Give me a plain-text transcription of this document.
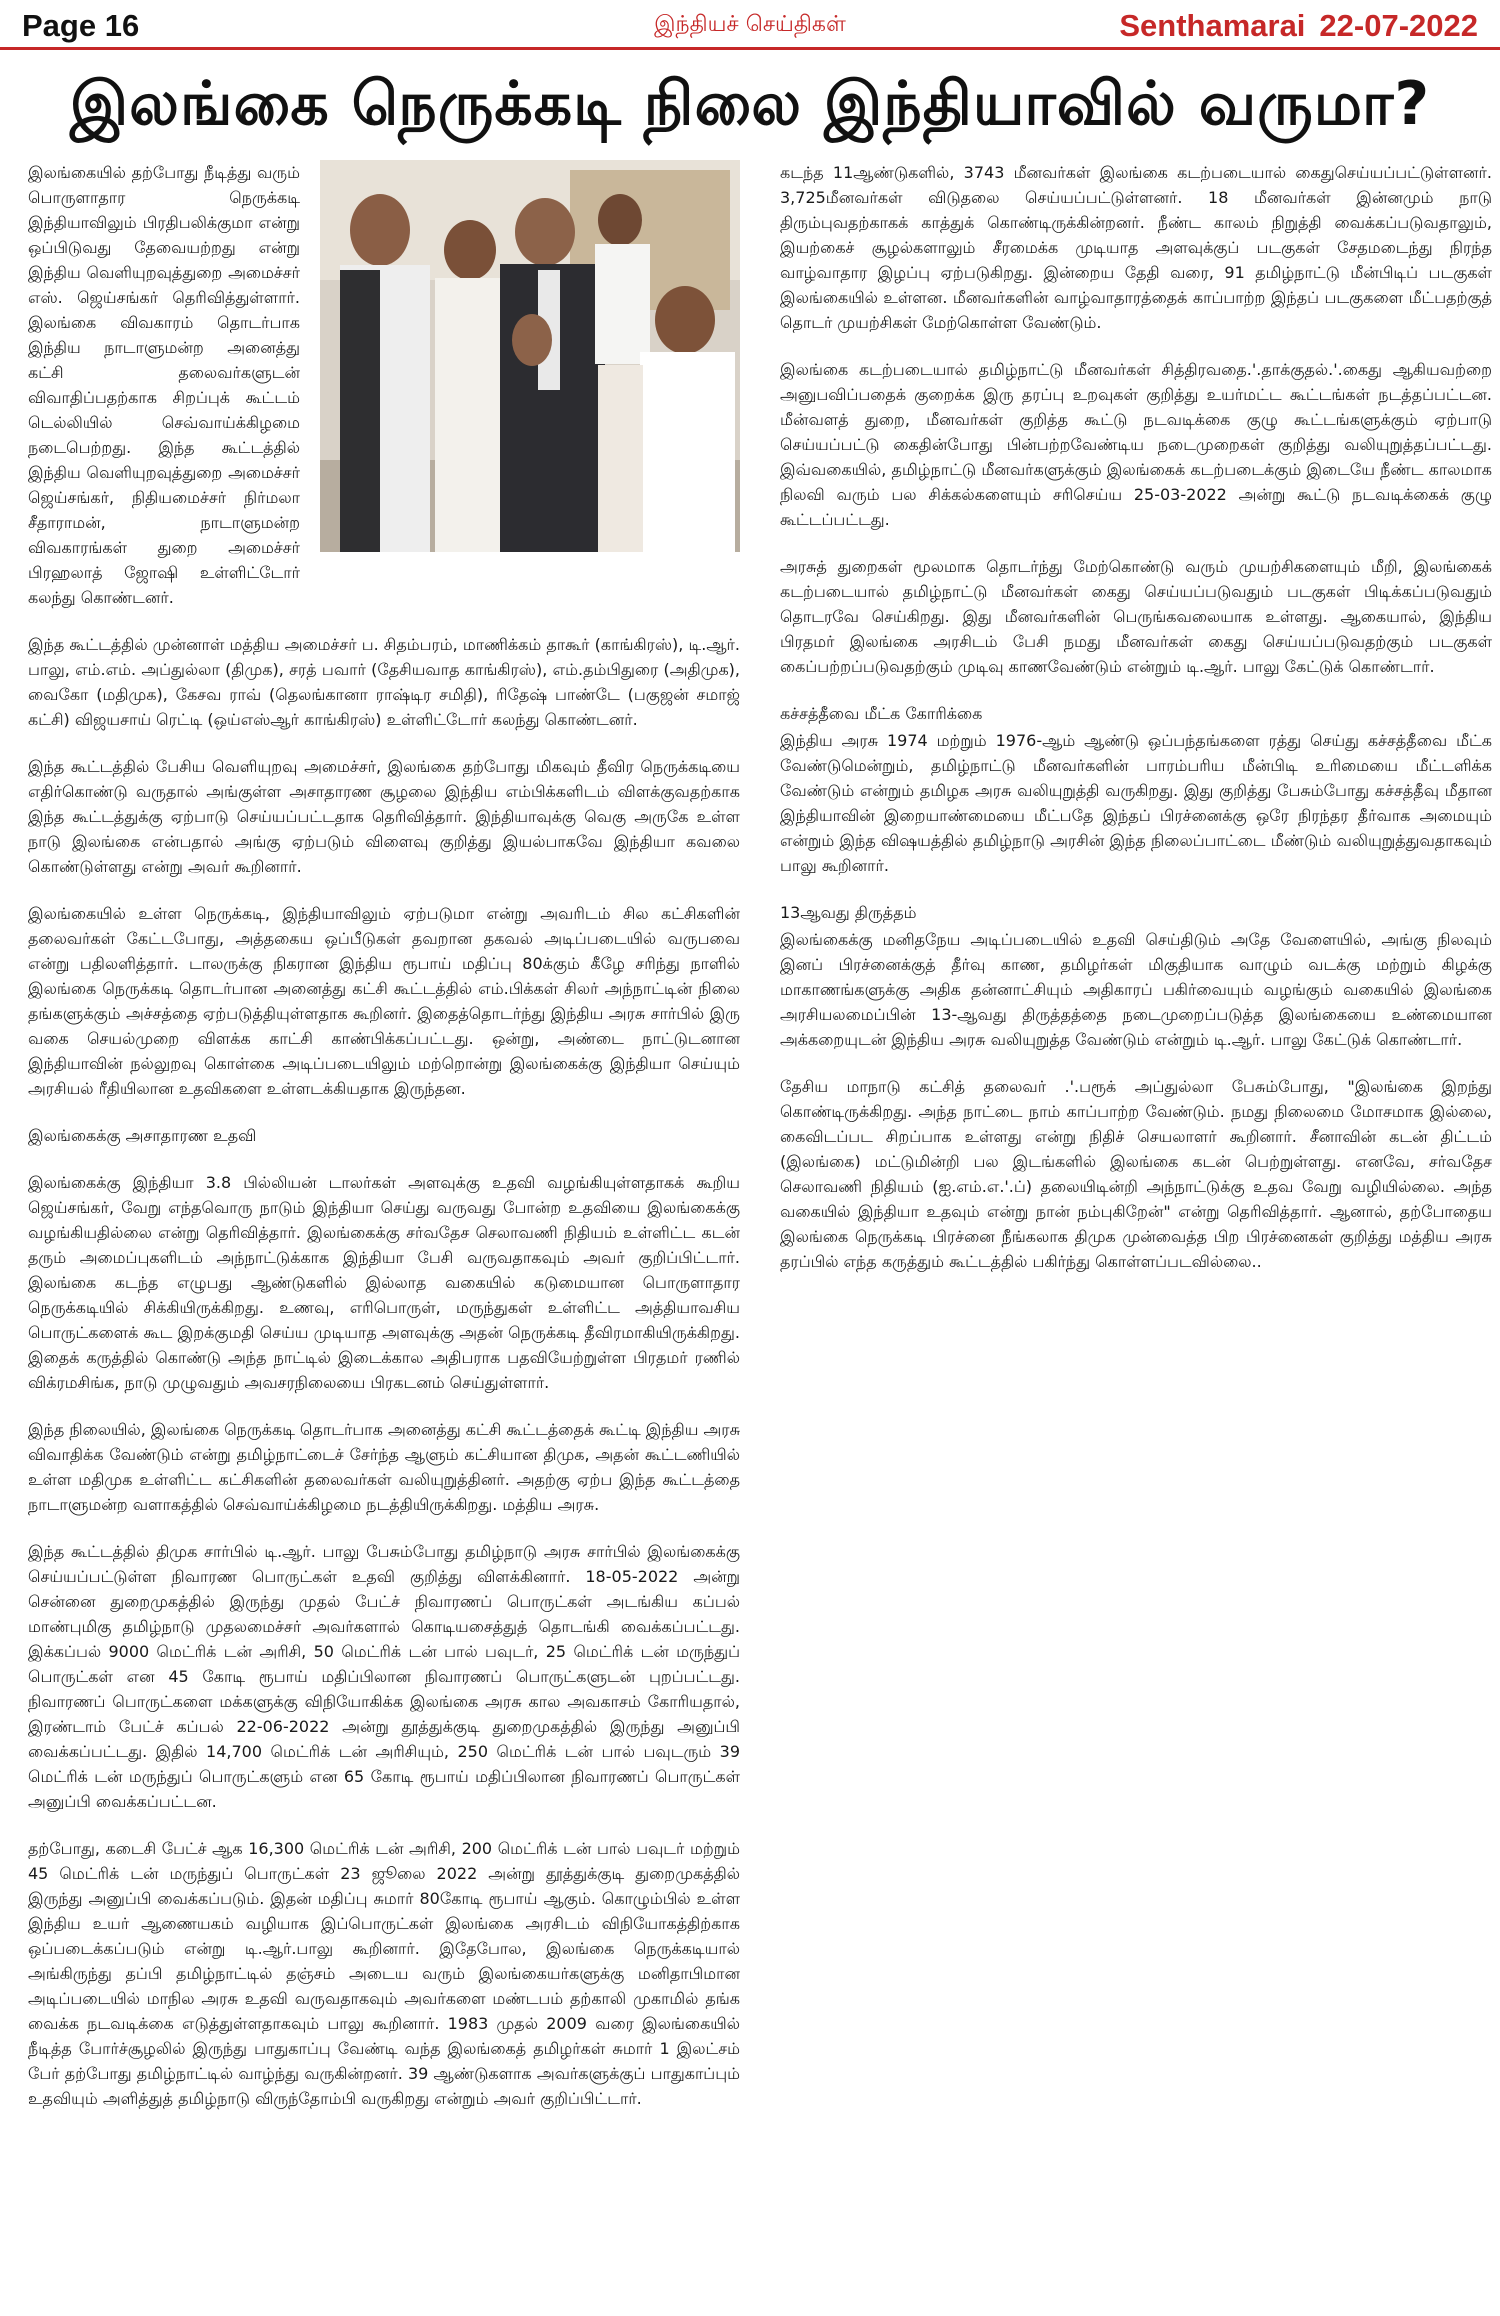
Page 16	இந்தியச் செய்திகள்	Senthamarai 22-07-2022
இலங்கை நெருக்கடி நிலை இந்தியாவில் வருமா?

இலங்கையில் தற்போது நீடித்து வரும் பொருளாதார நெருக்கடி இந்தியாவிலும் பிரதிபலிக்குமா என்று ஒப்பிடுவது தேவையற்றது என்று இந்திய வெளியுறவுத்துறை அமைச்சர் எஸ். ஜெய்சங்கர் தெரிவித்துள்ளார். இலங்கை விவகாரம் தொடர்பாக இந்திய நாடாளுமன்ற அனைத்து கட்சி தலைவர்களுடன் விவாதிப்பதற்காக சிறப்புக் கூட்டம் டெல்லியில் செவ்வாய்க்கிழமை நடைபெற்றது. இந்த கூட்டத்தில் இந்திய வெளியுறவுத்துறை அமைச்சர் ஜெய்சங்கர், நிதியமைச்சர் நிர்மலா சீதாராமன், நாடாளுமன்ற விவகாரங்கள் துறை அமைச்சர் பிரஹலாத் ஜோஷி உள்ளிட்டோர் கலந்து கொண்டனர்.

இந்த கூட்டத்தில் முன்னாள் மத்திய அமைச்சர் ப. சிதம்பரம், மாணிக்கம் தாகூர் (காங்கிரஸ்), டி.ஆர். பாலு, எம்.எம். அப்துல்லா (திமுக), சரத் பவார் (தேசியவாத காங்கிரஸ்), எம்.தம்பிதுரை (அதிமுக), வைகோ (மதிமுக), கேசவ ராவ் (தெலங்கானா ராஷ்டிர சமிதி), ரிதேஷ் பாண்டே (பகுஜன் சமாஜ் கட்சி) விஜயசாய் ரெட்டி (ஒய்எஸ்ஆர் காங்கிரஸ்) உள்ளிட்டோர் கலந்து கொண்டனர்.

இந்த கூட்டத்தில் பேசிய வெளியுறவு அமைச்சர், இலங்கை தற்போது மிகவும் தீவிர நெருக்கடியை எதிர்கொண்டு வருதால் அங்குள்ள அசாதாரண சூழலை இந்திய எம்பிக்களிடம் விளக்குவதற்காக இந்த கூட்டத்துக்கு ஏற்பாடு செய்யப்பட்டதாக தெரிவித்தார். இந்தியாவுக்கு வெகு அருகே உள்ள நாடு இலங்கை என்பதால் அங்கு ஏற்படும் விளைவு குறித்து இயல்பாகவே இந்தியா கவலை கொண்டுள்ளது என்று அவர் கூறினார்.

இலங்கையில் உள்ள நெருக்கடி, இந்தியாவிலும் ஏற்படுமா என்று அவரிடம் சில கட்சிகளின் தலைவர்கள் கேட்டபோது, அத்தகைய ஒப்பீடுகள் தவறான தகவல் அடிப்படையில் வருபவை என்று பதிலளித்தார். டாலருக்கு நிகரான இந்திய ரூபாய் மதிப்பு 80க்கும் கீழே சரிந்து நாளில் இலங்கை நெருக்கடி தொடர்பான அனைத்து கட்சி கூட்டத்தில் எம்.பிக்கள் சிலர் அந்நாட்டின் நிலை தங்களுக்கும் அச்சத்தை ஏற்படுத்தியுள்ளதாக கூறினர். இதைத்தொடர்ந்து இந்திய அரசு சார்பில் இரு வகை செயல்முறை விளக்க காட்சி காண்பிக்கப்பட்டது. ஒன்று, அண்டை நாட்டுடனான இந்தியாவின் நல்லுறவு கொள்கை அடிப்படையிலும் மற்றொன்று இலங்கைக்கு இந்தியா செய்யும் அரசியல் ரீதியிலான உதவிகளை உள்ளடக்கியதாக இருந்தன.

இலங்கைக்கு அசாதாரண உதவி

இலங்கைக்கு இந்தியா 3.8 பில்லியன் டாலர்கள் அளவுக்கு உதவி வழங்கியுள்ளதாகக் கூறிய ஜெய்சங்கர், வேறு எந்தவொரு நாடும் இந்தியா செய்து வருவது போன்ற உதவியை இலங்கைக்கு வழங்கியதில்லை என்று தெரிவித்தார். இலங்கைக்கு சர்வதேச செலாவணி நிதியம் உள்ளிட்ட கடன் தரும் அமைப்புகளிடம் அந்நாட்டுக்காக இந்தியா பேசி வருவதாகவும் அவர் குறிப்பிட்டார். இலங்கை கடந்த எழுபது ஆண்டுகளில் இல்லாத வகையில் கடுமையான பொருளாதார நெருக்கடியில் சிக்கியிருக்கிறது. உணவு, எரிபொருள், மருந்துகள் உள்ளிட்ட அத்தியாவசிய பொருட்களைக் கூட இறக்குமதி செய்ய முடியாத அளவுக்கு அதன் நெருக்கடி தீவிரமாகியிருக்கிறது. இதைக் கருத்தில் கொண்டு அந்த நாட்டில் இடைக்கால அதிபராக பதவியேற்றுள்ள பிரதமர் ரணில் விக்ரமசிங்க, நாடு முழுவதும் அவசரநிலையை பிரகடனம் செய்துள்ளார்.

இந்த நிலையில், இலங்கை நெருக்கடி தொடர்பாக அனைத்து கட்சி கூட்டத்தைக் கூட்டி இந்திய அரசு விவாதிக்க வேண்டும் என்று தமிழ்நாட்டைச் சேர்ந்த ஆளும் கட்சியான திமுக, அதன் கூட்டணியில் உள்ள மதிமுக உள்ளிட்ட கட்சிகளின் தலைவர்கள் வலியுறுத்தினர். அதற்கு ஏற்ப இந்த கூட்டத்தை நாடாளுமன்ற வளாகத்தில் செவ்வாய்க்கிழமை நடத்தியிருக்கிறது. மத்திய அரசு.

இந்த கூட்டத்தில் திமுக சார்பில் டி.ஆர். பாலு பேசும்போது தமிழ்நாடு அரசு சார்பில் இலங்கைக்கு செய்யப்பட்டுள்ள நிவாரண பொருட்கள் உதவி குறித்து விளக்கினார். 18-05-2022 அன்று சென்னை துறைமுகத்தில் இருந்து முதல் பேட்ச் நிவாரணப் பொருட்கள் அடங்கிய கப்பல் மாண்புமிகு தமிழ்நாடு முதலமைச்சர் அவர்களால் கொடியசைத்துத் தொடங்கி வைக்கப்பட்டது. இக்கப்பல் 9000 மெட்ரிக் டன் அரிசி, 50 மெட்ரிக் டன் பால் பவுடர், 25 மெட்ரிக் டன் மருந்துப் பொருட்கள் என 45 கோடி ரூபாய் மதிப்பிலான நிவாரணப் பொருட்களுடன் புறப்பட்டது. நிவாரணப் பொருட்களை மக்களுக்கு விநியோகிக்க இலங்கை அரசு கால அவகாசம் கோரியதால், இரண்டாம் பேட்ச் கப்பல் 22-06-2022 அன்று தூத்துக்குடி துறைமுகத்தில் இருந்து அனுப்பி வைக்கப்பட்டது. இதில் 14,700 மெட்ரிக் டன் அரிசியும், 250 மெட்ரிக் டன் பால் பவுடரும் 39 மெட்ரிக் டன் மருந்துப் பொருட்களும் என 65 கோடி ரூபாய் மதிப்பிலான நிவாரணப் பொருட்கள் அனுப்பி வைக்கப்பட்டன.

தற்போது, கடைசி பேட்ச் ஆக 16,300 மெட்ரிக் டன் அரிசி, 200 மெட்ரிக் டன் பால் பவுடர் மற்றும் 45 மெட்ரிக் டன் மருந்துப் பொருட்கள் 23 ஜூலை 2022 அன்று தூத்துக்குடி துறைமுகத்தில் இருந்து அனுப்பி வைக்கப்படும். இதன் மதிப்பு சுமார் 80கோடி ரூபாய் ஆகும். கொழும்பில் உள்ள இந்திய உயர் ஆணையகம் வழியாக இப்பொருட்கள் இலங்கை அரசிடம் விநியோகத்திற்காக ஒப்படைக்கப்படும் என்று டி.ஆர்.பாலு கூறினார். இதேபோல, இலங்கை நெருக்கடியால் அங்கிருந்து தப்பி தமிழ்நாட்டில் தஞ்சம் அடைய வரும் இலங்கையர்களுக்கு மனிதாபிமான அடிப்படையில் மாநில அரசு உதவி வருவதாகவும் அவர்களை மண்டபம் தற்காலி முகாமில் தங்க வைக்க நடவடிக்கை எடுத்துள்ளதாகவும் பாலு கூறினார். 1983 முதல் 2009 வரை இலங்கையில் நீடித்த போர்ச்சூழலில் இருந்து பாதுகாப்பு வேண்டி வந்த இலங்கைத் தமிழர்கள் சுமார் 1 இலட்சம் பேர் தற்போது தமிழ்நாட்டில் வாழ்ந்து வருகின்றனர். 39 ஆண்டுகளாக அவர்களுக்குப் பாதுகாப்பும் உதவியும் அளித்துத் தமிழ்நாடு விருந்தோம்பி வருகிறது என்றும் அவர் குறிப்பிட்டார்.

கடந்த 11ஆண்டுகளில், 3743 மீனவர்கள் இலங்கை கடற்படையால் கைதுசெய்யப்பட்டுள்ளனர். 3,725மீனவர்கள் விடுதலை செய்யப்பட்டுள்ளனர். 18 மீனவர்கள் இன்னமும் நாடு திரும்புவதற்காகக் காத்துக் கொண்டிருக்கின்றனர். நீண்ட காலம் நிறுத்தி வைக்கப்படுவதாலும், இயற்கைச் சூழல்களாலும் சீரமைக்க முடியாத அளவுக்குப் படகுகள் சேதமடைந்து நிரந்த வாழ்வாதார இழப்பு ஏற்படுகிறது. இன்றைய தேதி வரை, 91 தமிழ்நாட்டு மீன்பிடிப் படகுகள் இலங்கையில் உள்ளன. மீனவர்களின் வாழ்வாதாரத்தைக் காப்பாற்ற இந்தப் படகுகளை மீட்பதற்குத் தொடர் முயற்சிகள் மேற்கொள்ள வேண்டும்.

இலங்கை கடற்படையால் தமிழ்நாட்டு மீனவர்கள் சித்திரவதை.'.தாக்குதல்.'.கைது ஆகியவற்றை அனுபவிப்பதைக் குறைக்க இரு தரப்பு உறவுகள் குறித்து உயர்மட்ட கூட்டங்கள் நடத்தப்பட்டன. மீன்வளத் துறை, மீனவர்கள் குறித்த கூட்டு நடவடிக்கை குழு கூட்டங்களுக்கும் ஏற்பாடு செய்யப்பட்டு கைதின்போது பின்பற்றவேண்டிய நடைமுறைகள் குறித்து வலியுறுத்தப்பட்டது. இவ்வகையில், தமிழ்நாட்டு மீனவர்களுக்கும் இலங்கைக் கடற்படைக்கும் இடையே நீண்ட காலமாக நிலவி வரும் பல சிக்கல்களையும் சரிசெய்ய 25-03-2022 அன்று கூட்டு நடவடிக்கைக் குழு கூட்டப்பட்டது.

அரசுத் துறைகள் மூலமாக தொடர்ந்து மேற்கொண்டு வரும் முயற்சிகளையும் மீறி, இலங்கைக் கடற்படையால் தமிழ்நாட்டு மீனவர்கள் கைது செய்யப்படுவதும் படகுகள் பிடிக்கப்படுவதும் தொடரவே செய்கிறது. இது மீனவர்களின் பெருங்கவலையாக உள்ளது. ஆகையால், இந்திய பிரதமர் இலங்கை அரசிடம் பேசி நமது மீனவர்கள் கைது செய்யப்படுவதற்கும் படகுகள் கைப்பற்றப்படுவதற்கும் முடிவு காணவேண்டும் என்றும் டி.ஆர். பாலு கேட்டுக் கொண்டார்.

கச்சத்தீவை மீட்க கோரிக்கை

இந்திய அரசு 1974 மற்றும் 1976-ஆம் ஆண்டு ஒப்பந்தங்களை ரத்து செய்து கச்சத்தீவை மீட்க வேண்டுமென்றும், தமிழ்நாட்டு மீனவர்களின் பாரம்பரிய மீன்பிடி உரிமையை மீட்டளிக்க வேண்டும் என்றும் தமிழக அரசு வலியுறுத்தி வருகிறது. இது குறித்து பேசும்போது கச்சத்தீவு மீதான இந்தியாவின் இறையாண்மையை மீட்பதே இந்தப் பிரச்னைக்கு ஒரே நிரந்தர தீர்வாக அமையும் என்றும் இந்த விஷயத்தில் தமிழ்நாடு அரசின் இந்த நிலைப்பாட்டை மீண்டும் வலியுறுத்துவதாகவும் பாலு கூறினார்.

13ஆவது திருத்தம்

இலங்கைக்கு மனிதநேய அடிப்படையில் உதவி செய்திடும் அதே வேளையில், அங்கு நிலவும் இனப் பிரச்னைக்குத் தீர்வு காண, தமிழர்கள் மிகுதியாக வாழும் வடக்கு மற்றும் கிழக்கு மாகாணங்களுக்கு அதிக தன்னாட்சியும் அதிகாரப் பகிர்வையும் வழங்கும் வகையில் இலங்கை அரசியலமைப்பின் 13-ஆவது திருத்தத்தை நடைமுறைப்படுத்த இலங்கையை உண்மையான அக்கறையுடன் இந்திய அரசு வலியுறுத்த வேண்டும் என்றும் டி.ஆர். பாலு கேட்டுக் கொண்டார்.

தேசிய மாநாடு கட்சித் தலைவர் .'.பரூக் அப்துல்லா பேசும்போது, "இலங்கை இறந்து கொண்டிருக்கிறது. அந்த நாட்டை நாம் காப்பாற்ற வேண்டும். நமது நிலைமை மோசமாக இல்லை, கைவிடப்பட சிறப்பாக உள்ளது என்று நிதிச் செயலாளர் கூறினார். சீனாவின் கடன் திட்டம் (இலங்கை) மட்டுமின்றி பல இடங்களில் இலங்கை கடன் பெற்றுள்ளது. எனவே, சர்வதேச செலாவணி நிதியம் (ஐ.எம்.எ.'.ப்) தலையிடின்றி அந்நாட்டுக்கு உதவ வேறு வழியில்லை. அந்த வகையில் இந்தியா உதவும் என்று நான் நம்புகிறேன்" என்று தெரிவித்தார். ஆனால், தற்போதைய இலங்கை நெருக்கடி பிரச்னை நீங்கலாக திமுக முன்வைத்த பிற பிரச்னைகள் குறித்து மத்திய அரசு தரப்பில் எந்த கருத்தும் கூட்டத்தில் பகிர்ந்து கொள்ளப்படவில்லை..
